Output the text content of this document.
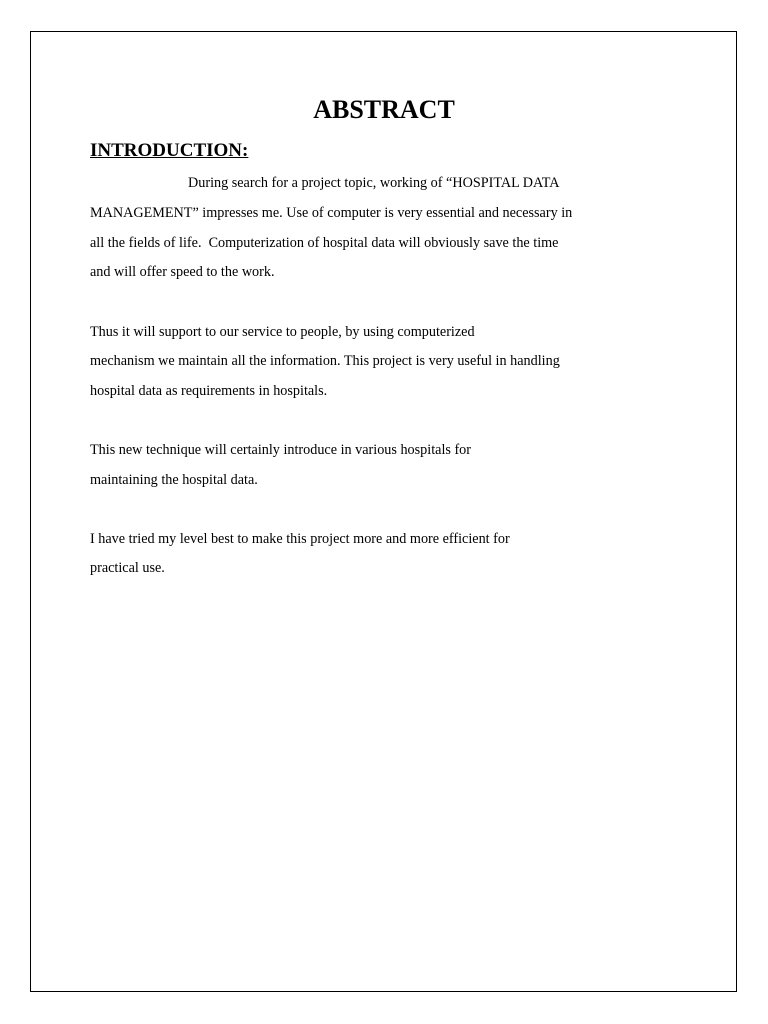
ABSTRACT
INTRODUCTION:

During search for a project topic, working of “HOSPITAL DATA

MANAGEMENT” impresses me. Use of computer is very essential and necessary in

all the fields of life.  Computerization of hospital data will obviously save the time

and will offer speed to the work.

Thus it will support to our service to people, by using computerized

mechanism we maintain all the information. This project is very useful in handling

hospital data as requirements in hospitals.

This new technique will certainly introduce in various hospitals for

maintaining the hospital data.

I have tried my level best to make this project more and more efficient for

practical use.
